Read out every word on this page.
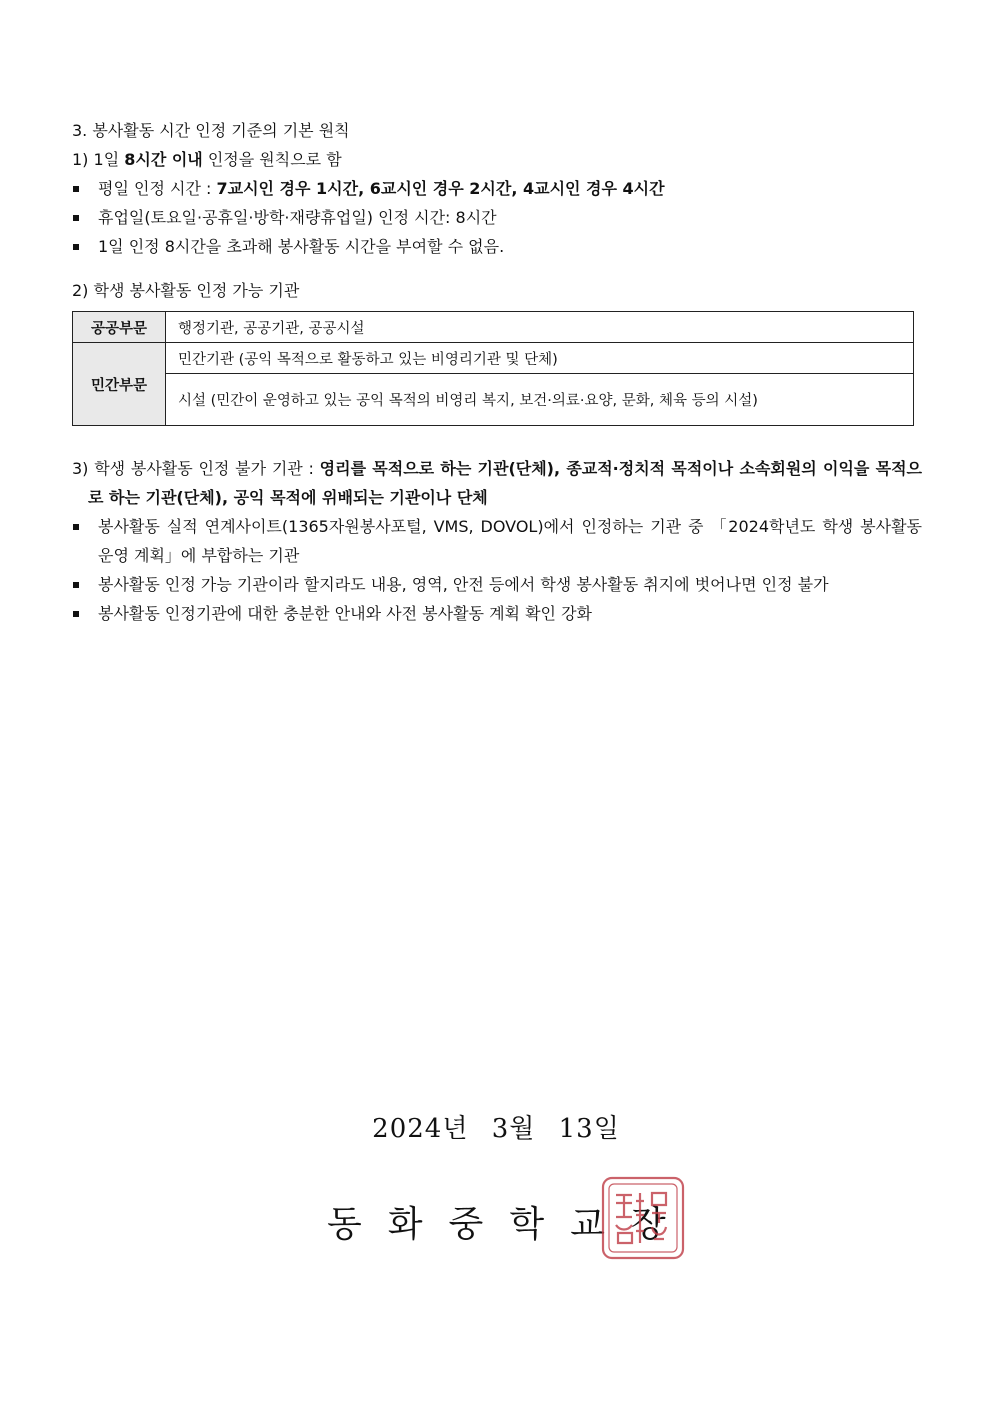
3. 봉사활동 시간 인정 기준의 기본 원칙
1) 1일 8시간 이내 인정을 원칙으로 함
평일 인정 시간 : 7교시인 경우 1시간, 6교시인 경우 2시간, 4교시인 경우 4시간
휴업일(토요일·공휴일·방학·재량휴업일) 인정 시간: 8시간
1일 인정 8시간을 초과해 봉사활동 시간을 부여할 수 없음.
2) 학생 봉사활동 인정 가능 기관
공공부문	행정기관, 공공기관, 공공시설
민간부문	민간기관 (공익 목적으로 활동하고 있는 비영리기관 및 단체)
	시설 (민간이 운영하고 있는 공익 목적의 비영리 복지, 보건·의료·요양, 문화, 체육 등의 시설)
3) 학생 봉사활동 인정 불가 기관 : 영리를 목적으로 하는 기관(단체), 종교적·정치적 목적이나 소속회원의 이익을 목적으로 하는 기관(단체), 공익 목적에 위배되는 기관이나 단체
봉사활동 실적 연계사이트(1365자원봉사포털, VMS, DOVOL)에서 인정하는 기관 중 「2024학년도 학생 봉사활동 운영 계획」에 부합하는 기관
봉사활동 인정 가능 기관이라 할지라도 내용, 영역, 안전 등에서 학생 봉사활동 취지에 벗어나면 인정 불가
봉사활동 인정기관에 대한 충분한 안내와 사전 봉사활동 계획 확인 강화
2024년 3월 13일
동화중학교장
